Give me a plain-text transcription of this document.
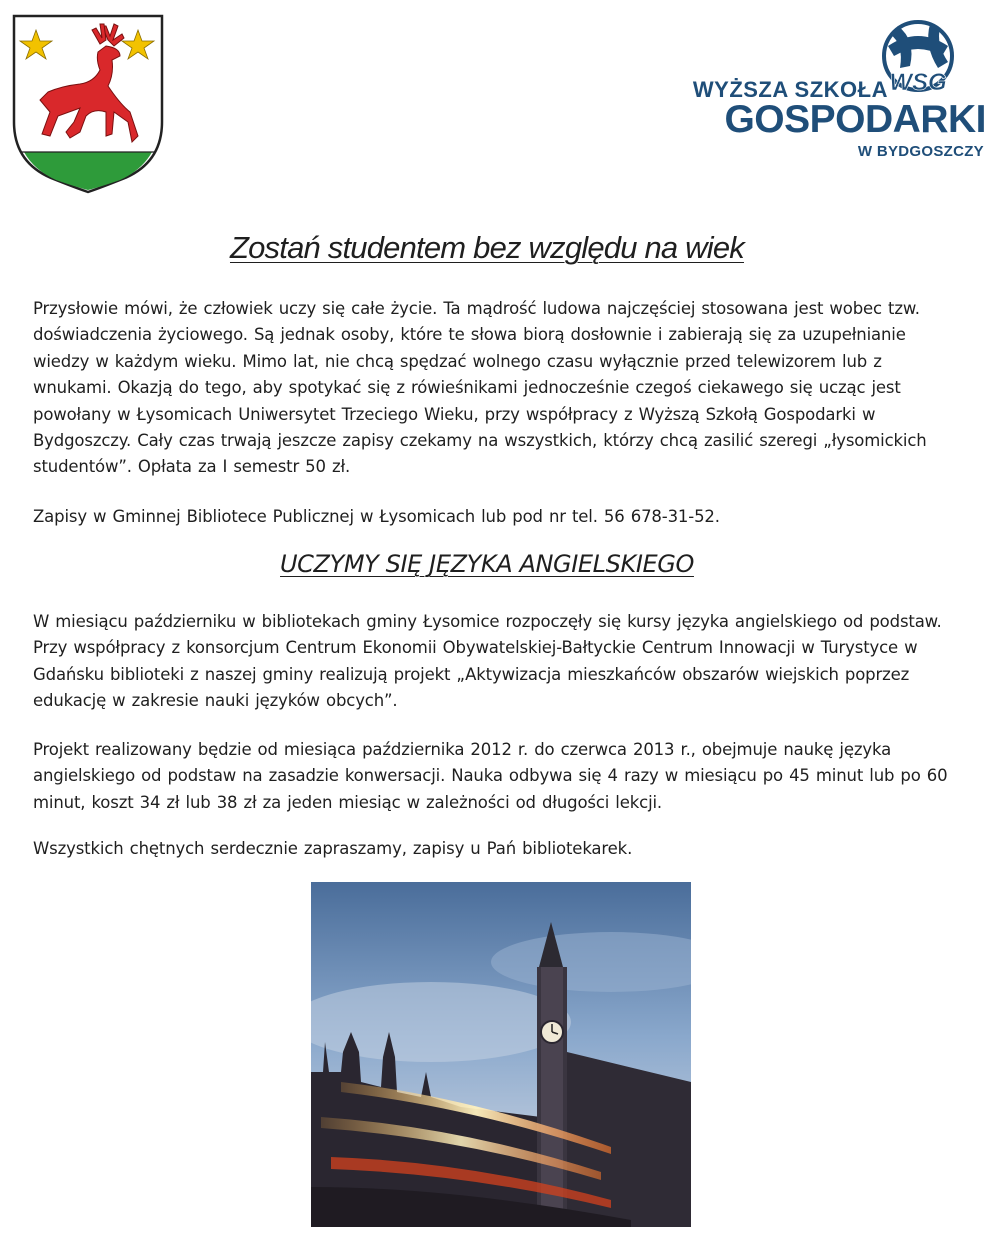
WSG
WYŻSZA SZKOŁA
GOSPODARKI
W BYDGOSZCZY
Zostań studentem bez względu na wiek

Przysłowie mówi, że człowiek uczy się całe życie. Ta mądrość ludowa najczęściej stosowana jest wobec tzw. doświadczenia życiowego. Są jednak osoby, które te słowa biorą dosłownie i zabierają się za uzupełnianie wiedzy w każdym wieku. Mimo lat, nie chcą spędzać wolnego czasu wyłącznie przed telewizorem lub z wnukami. Okazją do tego, aby spotykać się z rówieśnikami jednocześnie czegoś ciekawego się ucząc jest powołany w Łysomicach Uniwersytet Trzeciego Wieku, przy współpracy z Wyższą Szkołą Gospodarki w Bydgoszczy. Cały czas trwają jeszcze zapisy czekamy na wszystkich, którzy chcą zasilić szeregi „łysomickich studentów”. Opłata za I semestr 50 zł.

Zapisy w Gminnej Bibliotece Publicznej w Łysomicach lub pod nr tel. 56 678-31-52.

UCZYMY SIĘ JĘZYKA ANGIELSKIEGO

W miesiącu październiku w bibliotekach gminy Łysomice rozpoczęły się kursy języka angielskiego od podstaw. Przy współpracy z konsorcjum Centrum Ekonomii Obywatelskiej-Bałtyckie Centrum Innowacji w Turystyce w Gdańsku biblioteki z naszej gminy realizują projekt „Aktywizacja mieszkańców obszarów wiejskich poprzez edukację w zakresie nauki języków obcych”.

Projekt realizowany będzie od miesiąca października 2012 r. do czerwca 2013 r., obejmuje naukę języka angielskiego od podstaw na zasadzie konwersacji. Nauka odbywa się 4 razy w miesiącu po 45 minut lub po 60 minut, koszt 34 zł lub 38 zł za jeden miesiąc w zależności od długości lekcji.

Wszystkich chętnych serdecznie zapraszamy, zapisy u Pań bibliotekarek.
